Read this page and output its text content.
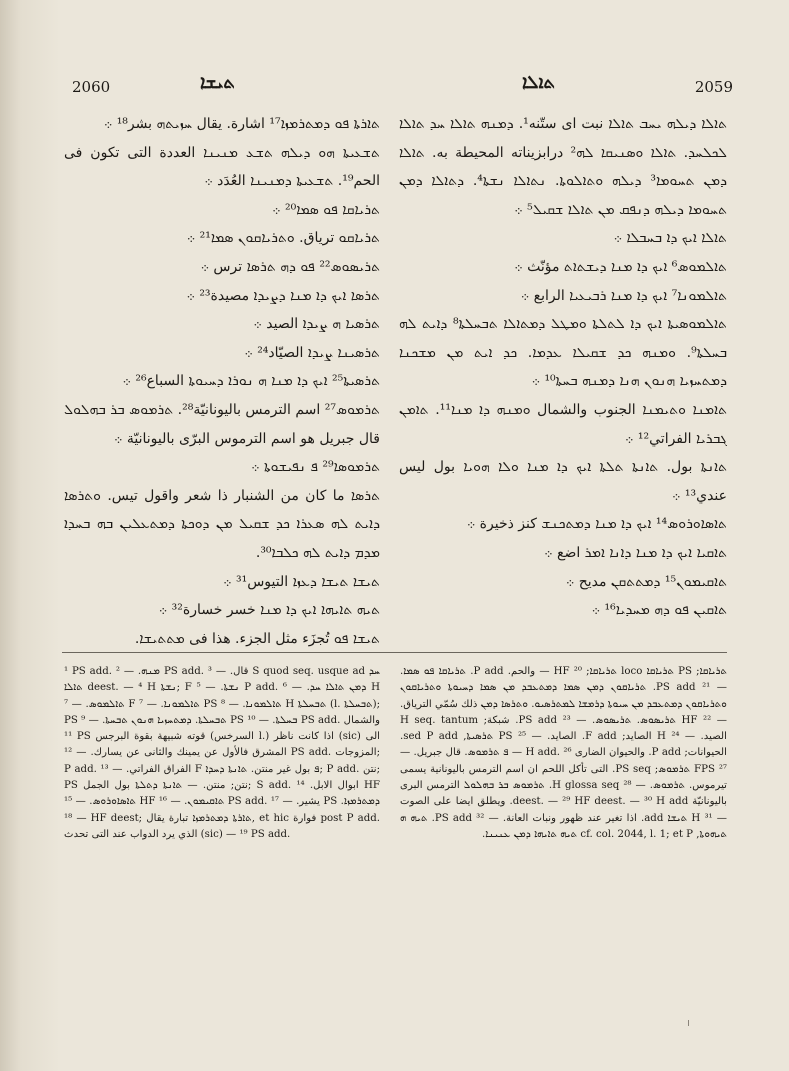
2060	ܬܝܫܐ	ܬܐܠܐ	2059

ܬܐܪܬܐ ܦܘ ܕܡܬܪܡܙܐ¹⁷ اشارة. يقال ܚܙܝܬܗ بشر¹⁸ ܀

ܬܫܥܝܬܐ ܗܘ ܕܝܠܗ ܬܫܥ ܡܢܝܢܐ العددة التى تكون فى الحم¹⁹. ܬܫܥܝܬܐ ܕܡܢܝܢܐ العُدَد ܀

ܬܪܝܐܩܐ ܦܘ ܣܡܐ²⁰ ܀

ܬܪܝܐܩܘ ترياق. ܘܬܪܝܐܩܘܢ ܣܡܐ²¹ ܀

ܬܪܝܣܘܣ²² ܦܘ ܕܗ ܬܪܣܐ ترس ܀

ܬܪܣܐ ܐܝܟ ܕܐ ܡܢܐ ܕܨܝܕܐ مصيدة²³ ܀

ܬܪܣܝܐ ܗ ܨܝܕܐ الصيد ܀

ܬܪܣܝܢܐ ܨܝܕܐ الصيّاد²⁴ ܀

ܬܪܣܝܬܐ²⁵ ܐܝܟ ܕܐ ܡܢܐ ܗ ܢܘܪܐ ܕܚܝܘܬܐ السباع²⁶ ܀

ܬܪܡܘܣ²⁷ اسم الترمس باليونانيّة²⁸. ܬܪܡܘܣ ܒܪ ܒܗܠܘܠ قال جبريل هو اسم الترموس البرّى باليونانيّة ܀

ܬܪܡܘܣܐ²⁹ ܦ ܢܦܝܫܘܬܐ ܀

ܬܪܣܐ ما كان من الشنبار ذا شعر واقول تيس. ܘܬܪܣܐ ܕܐܝܬ ܠܗ ܣܥܪܐ ܟܕ ܫܩܝܠ ܡܢ ܕܘܟܬܐ ܕܡܬܥܠܝܢ ܒܗ ܒܚܕܐ ܡܕܡ ܕܐܝܬ ܠܗ ܟܠܒܐ³⁰.

ܬܝܫܐ ܬܝܫܐ ܕܥܙܐ التيوس³¹ ܀

ܬܝܗ ܬܐܝܗܐ ܐܝܟ ܕܐ ܡܢܐ خسر خسارة³² ܀

ܬܝܫܐ ܦܘ تُجزَء مثل الجزء. هذا فى ܡܬܬܝܫܐ.

ܬܐܠܐ ܕܝܠܗ ܝܚܒ ܬܐܠܐ نبت اى ستّنه¹. ܕܡܢܗ ܬܐܠܐ ܚܕ ܬܐܠܐ ܠܟܠܚܕ. ܬܐܠܐ ܘܣܢܝܩܐ ܠܗ² درابزيناته المحيطة به. ܬܐܠܐ ܕܡܢ ܬܚܘܡܐ³ ܕܝܠܗ ܘܬܐܠܘܬܐ. ܢܬܐܠܐ ܢܫܬܐ⁴. ܕܬܐܠܐ ܕܡܢ ܬܚܘܡܐ ܕܝܠܗ ܕܢܦܩ ܡܢ ܬܐܠܐ ܫܩܝܠ⁵ ܀

ܬܐܠܐ ܐܝܟ ܕܐ ܒܚܒܠܐ ܀

ܬܐܠܡܘܣ⁶ ܐܝܟ ܕܐ ܡܢܐ ܕܝܫܬܐܬ مؤنّث ܀

ܬܐܠܡܘܢܐ⁷ ܐܝܟ ܕܐ ܡܢܐ ܪܒܝܥܝܐ الرابع ܀

ܬܐܠܡܘܣܝܬܐ ܐܝܟ ܕܐ ܠܬܠܬܐ ܘܡܛܠ ܕܡܬܐܠܐ ܬܒܚܠܬܐ⁸ ܕܐܝܬ ܠܗ ܒܚܠܬܐ⁹. ܘܡܢܗ ܟܕ ܫܩܝܠܐ ܥܕܡܐ. ܟܕ ܐܝܬ ܡܢ ܡܫܟܢܐ ܕܡܬܚܙܝܐ ܗܢܘܢ ܗܢܐ ܕܡܢܗ ܒܚܬܐ¹⁰ ܀

ܬܐܡܢܐ ܘܬܝܡܢܐ الجنوب والشمال ܘܡܢܗ ܕܐ ܡܢܐ¹¹. ܬܐܡܢ ܓܒܪܝܐ الفراتي¹² ܀

ܬܐܢܬܐ بول. ܬܐܢܬܐ ܬܠܬܐ ܐܝܟ ܕܐ ܡܢܐ ܘܠܐ ܗܘܝܐ بول ليس عندي¹³ ܀

ܬܐܣܐܘܪܘܣ¹⁴ ܐܝܟ ܕܐ ܡܢܐ ܕܡܬܟܢܫ كنز ذخيرة ܀

ܬܐܩܝܐ ܐܝܟ ܕܐ ܡܢܐ ܕܐܢܐ ܐܡܪ اضع ܀

ܬܐܩܝܡܘܢ¹⁵ ܕܡܬܬܩܢ مديح ܀

ܬܐܩܝܢ ܦܘ ܕܗ ܡܚܕܝܐ¹⁶ ܀

¹ PS add. ܡܢܗ. — ² PS add. قال. — ³ S quod seq. usque ad ܚܕ ܬܐܠܐ deest. — ⁴ H ܢܫܬܐ; F ܢܫܬܐ. — ⁵ P add. ܕܡܢ ܬܐܠܐ ܚܕ. — ⁶ H ܬܐܠܡܘܣ. — ⁷ F ܬܐܠܡܘܢܐ. — ⁷ PS ܬܐܠܡܘܢܐ. — ⁸ H ܬܒܚܠܬܐ (l. ܬܒܚܠܬܐ); PS ܬܒܚܠܬܐ. ܕܡܬܚܙܝܐ ܗܢܘܢ ܬܒܚܬܐ. — ⁹ PS ܒܚܠܬܐ. — ¹⁰ PS add. والشمال ¹¹ PS قوته شبيهة بقوة البرجس (السرخس l.) اذا كانت ناظر (sic) الى المشرق فالأول عن يمينك والثانى عن يسارك. — ¹² PS add. المزوجات; P add. الفراق الفراتي. — ¹³ F ܦ بول غير منتن. ܬܐܢܬܐ ܕܚܕܐ; P add. نتن; PS نتن; منتن. — ܬܐܢܬܐ ܕܬܠܬܐ بول الجمل; S add. ابوال الابل. ¹⁴ HF ܬܐܣܐܘܪܘܣ. — ¹⁵ HF ܬܐܩܝܡܘܢ. — ¹⁶ PS add. يشير. — ¹⁷ PS ܕܡܬܪܡܙܐ. — ¹⁸ HF deest; ܬܐܪܬܐ ܕܡܬܪܡܙܐ تبارة يقال, et hic فوارة post P add. الذي يرد الدواب عند التى تحدث (sic) — ¹⁹ PS add.

ܬܪܝܐܩܐ; PS ܬܪܝܐܩܐ loco ܬܪܝܐܩܐ; HF ²⁰ — والحم. P add. ܬܪܝܐܩܐ ܦܘ ܣܡܐ. — ²¹ PS add. ܬܪܝܐܩܘܢ ܕܡܢ ܣܡܐ ܕܡܬܥܒܕ ܡܢ ܣܡܐ ܕܚܝܘܬܐ ܘܬܪܝܐܩܘܢ ܘܬܪܝܐܩܘܢ ܕܡܬܥܒܕ ܡܢ ܚܝܘܬܐ ܕܪܡܫܐ ܠܡܬܪܣܝܘ. ܘܬܪܣܐ ܕܡܢ ذلك سُمّي الترياق. — ²² HF ܬܪܝܣܘܣ. ܬܪܝܣܘܣ. — ²³ PS add. شبكة; H seq. tantum الصيد. — ²⁴ H الصايد; F add. الصايد. — ²⁵ PS ܬܪܣܝܬܐ, sed P add. الحيوانات; P add. والحيوان الضارى H add. ²⁶ — ܦ ܬܪܡܘܣ. قال جبريل. — ²⁷ FPS ܬܪܡܘܣ; PS seq. التى تأكل اللحم ان اسم الترمس باليونانية يسمى تيرموس. ܬܪܡܘܣ. — ²⁸ H glossa seq. ܬܪܡܘܣ ܒܪ ܒܗܠܘܠ الترمس البرى باليونانيّة deest. — ²⁹ HF deest. — ³⁰ H add. ويطلق ايضا على الصوت — ³¹ H ܬܝܫܐ add. اذا تغير عند ظهور ونبات العانة. — ³² PS add. ܬܝܗ ܗ ܬܝܗܘܬܐ, cf. col. 2044, l. 1; et P ܬܝܗ ܬܐܝܗܐ ܕܡܢ ܥܢܝܢܐ.
